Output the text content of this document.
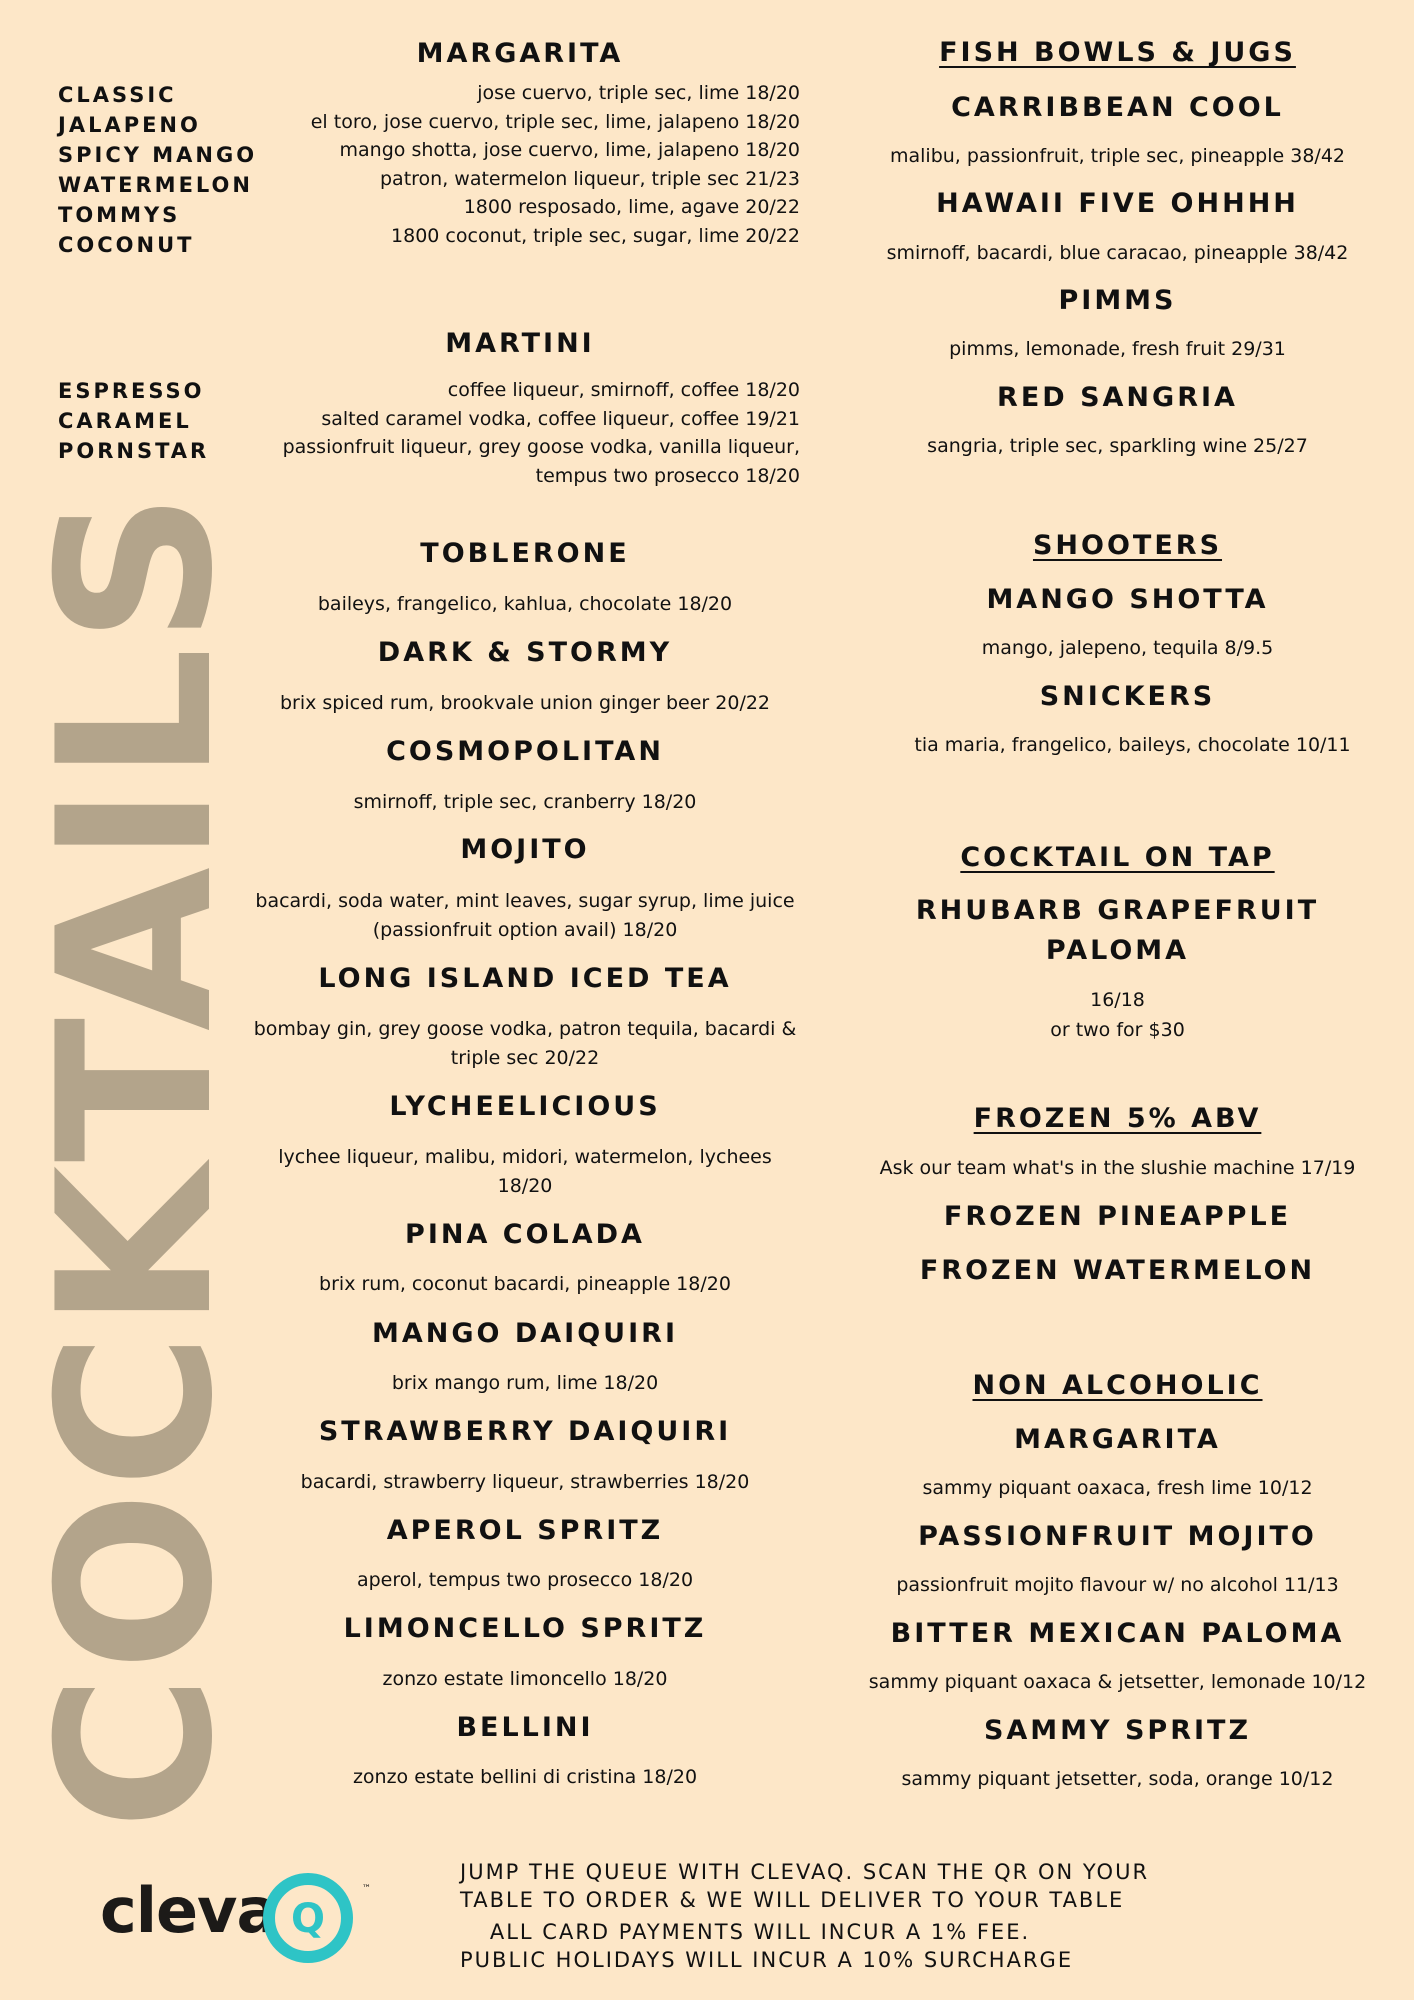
COCKTAILS
MARGARITA
CLASSIC
JALAPENO
SPICY MANGO
WATERMELON
TOMMYS
COCONUT
jose cuervo, triple sec, lime 18/20
el toro, jose cuervo, triple sec, lime, jalapeno 18/20
mango shotta, jose cuervo, lime, jalapeno 18/20
patron, watermelon liqueur, triple sec 21/23
1800 resposado, lime, agave 20/22
1800 coconut, triple sec, sugar, lime 20/22
MARTINI
ESPRESSO
CARAMEL
PORNSTAR
coffee liqueur, smirnoff, coffee 18/20
salted caramel vodka, coffee liqueur, coffee 19/21
passionfruit liqueur, grey goose vodka, vanilla liqueur,
tempus two prosecco 18/20
TOBLERONE
baileys, frangelico, kahlua, chocolate 18/20
DARK & STORMY
brix spiced rum, brookvale union ginger beer 20/22
COSMOPOLITAN
smirnoff, triple sec, cranberry 18/20
MOJITO
bacardi, soda water, mint leaves, sugar syrup, lime juice (passionfruit option avail) 18/20
LONG ISLAND ICED TEA
bombay gin, grey goose vodka, patron tequila, bacardi & triple sec 20/22
LYCHEELICIOUS
lychee liqueur, malibu, midori, watermelon, lychees 18/20
PINA COLADA
brix rum, coconut bacardi, pineapple 18/20
MANGO DAIQUIRI
brix mango rum, lime 18/20
STRAWBERRY DAIQUIRI
bacardi, strawberry liqueur, strawberries 18/20
APEROL SPRITZ
aperol, tempus two prosecco 18/20
LIMONCELLO SPRITZ
zonzo estate limoncello 18/20
BELLINI
zonzo estate bellini di cristina 18/20
FISH BOWLS & JUGS
CARRIBBEAN COOL
malibu, passionfruit, triple sec, pineapple 38/42
HAWAII FIVE OHHHH
smirnoff, bacardi, blue caracao, pineapple 38/42
PIMMS
pimms, lemonade, fresh fruit 29/31
RED SANGRIA
sangria, triple sec, sparkling wine 25/27
SHOOTERS
MANGO SHOTTA
mango, jalepeno, tequila 8/9.5
SNICKERS
tia maria, frangelico, baileys, chocolate 10/11
COCKTAIL ON TAP
RHUBARB GRAPEFRUIT
PALOMA
16/18
or two for $30
FROZEN 5% ABV
Ask our team what's in the slushie machine 17/19
FROZEN PINEAPPLE
FROZEN WATERMELON
NON ALCOHOLIC
MARGARITA
sammy piquant oaxaca, fresh lime 10/12
PASSIONFRUIT MOJITO
passionfruit mojito flavour w/ no alcohol 11/13
BITTER MEXICAN PALOMA
sammy piquant oaxaca & jetsetter, lemonade 10/12
SAMMY SPRITZ
sammy piquant jetsetter, soda, orange 10/12
JUMP THE QUEUE WITH CLEVAQ. SCAN THE QR ON YOUR
TABLE TO ORDER & WE WILL DELIVER TO YOUR TABLE
ALL CARD PAYMENTS WILL INCUR A 1% FEE.
PUBLIC HOLIDAYS WILL INCUR A 10% SURCHARGE
cleva Q
™
